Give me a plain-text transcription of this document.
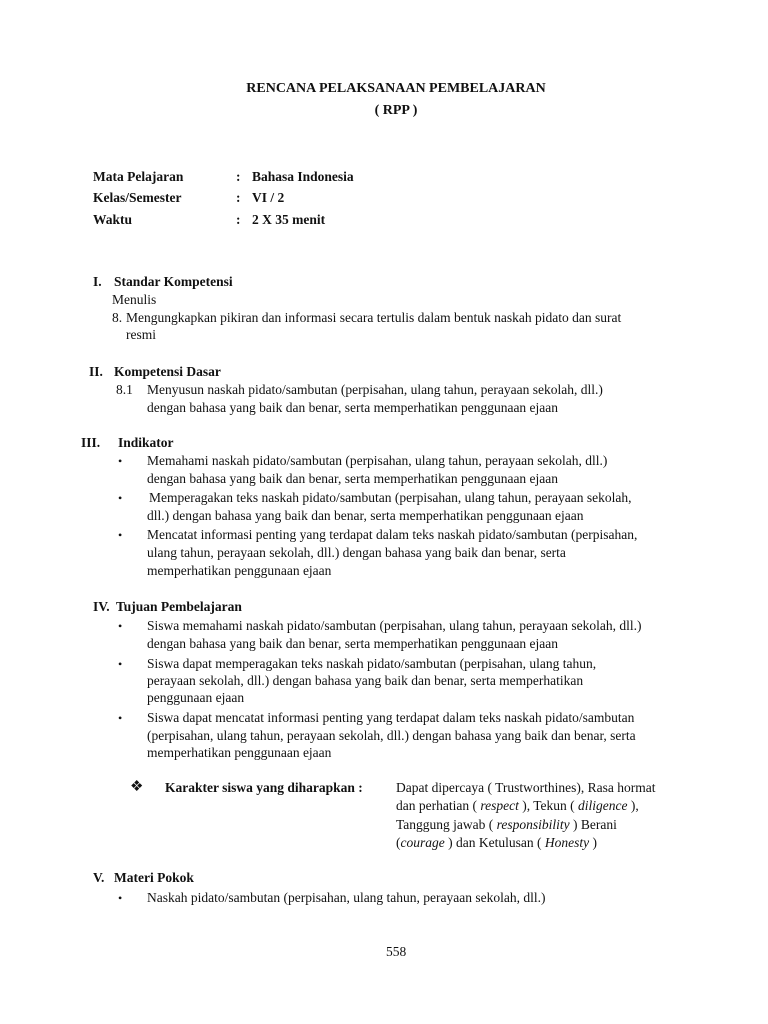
RENCANA PELAKSANAAN PEMBELAJARAN
( RPP )
Mata Pelajaran	: Bahasa Indonesia
Kelas/Semester	: VI / 2
Waktu	: 2 X 35 menit
I. Standar Kompetensi
Menulis
8. Mengungkapkan pikiran dan informasi secara tertulis dalam bentuk naskah pidato dan surat
resmi
II. Kompetensi Dasar
8.1 Menyusun naskah pidato/sambutan (perpisahan, ulang tahun, perayaan sekolah, dll.)
dengan bahasa yang baik dan benar, serta memperhatikan penggunaan ejaan
III. Indikator
• Memahami naskah pidato/sambutan (perpisahan, ulang tahun, perayaan sekolah, dll.)
dengan bahasa yang baik dan benar, serta memperhatikan penggunaan ejaan
• Memperagakan teks naskah pidato/sambutan (perpisahan, ulang tahun, perayaan sekolah,
dll.) dengan bahasa yang baik dan benar, serta memperhatikan penggunaan ejaan
• Mencatat informasi penting yang terdapat dalam teks naskah pidato/sambutan (perpisahan,
ulang tahun, perayaan sekolah, dll.) dengan bahasa yang baik dan benar, serta
memperhatikan penggunaan ejaan
IV. Tujuan Pembelajaran
• Siswa memahami naskah pidato/sambutan (perpisahan, ulang tahun, perayaan sekolah, dll.)
dengan bahasa yang baik dan benar, serta memperhatikan penggunaan ejaan
• Siswa dapat memperagakan teks naskah pidato/sambutan (perpisahan, ulang tahun,
perayaan sekolah, dll.) dengan bahasa yang baik dan benar, serta memperhatikan
penggunaan ejaan
• Siswa dapat mencatat informasi penting yang terdapat dalam teks naskah pidato/sambutan
(perpisahan, ulang tahun, perayaan sekolah, dll.) dengan bahasa yang baik dan benar, serta
memperhatikan penggunaan ejaan
❖ Karakter siswa yang diharapkan : Dapat dipercaya ( Trustworthines), Rasa hormat
dan perhatian ( respect ), Tekun ( diligence ),
Tanggung jawab ( responsibility ) Berani
(courage ) dan Ketulusan ( Honesty )
V. Materi Pokok
• Naskah pidato/sambutan (perpisahan, ulang tahun, perayaan sekolah, dll.)
558
